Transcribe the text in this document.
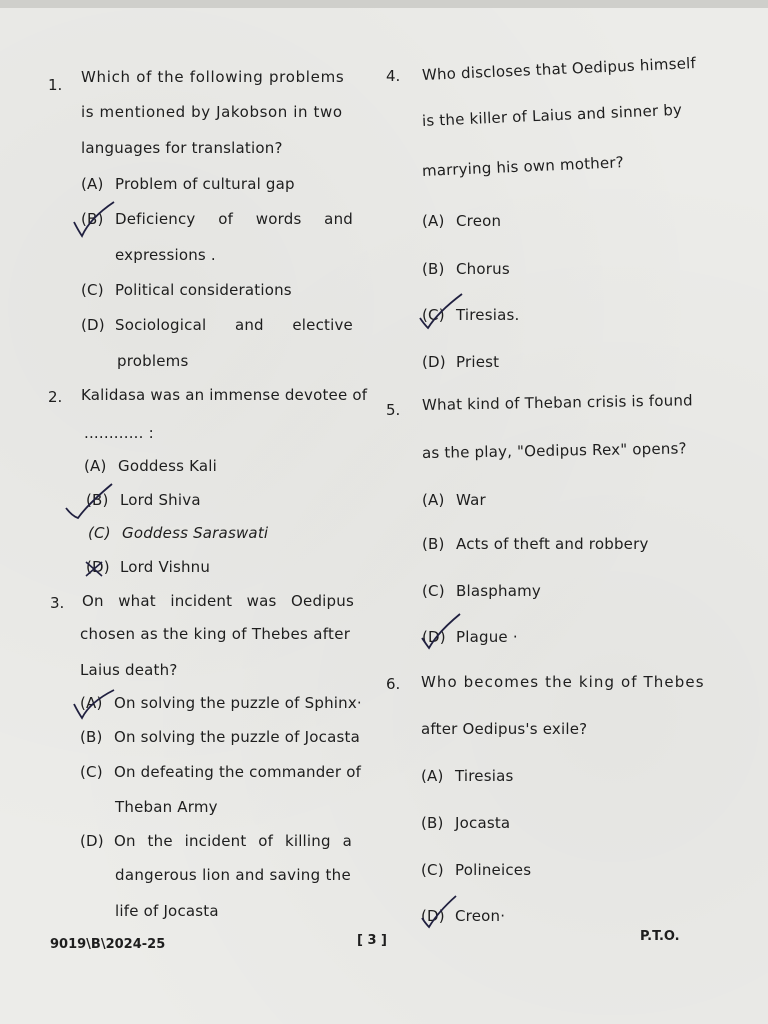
1. Which of the following problems
is mentioned by Jakobson in two
languages for translation?
(A) Problem of cultural gap
(B) Deficiency of words and
expressions .
(C) Political considerations
(D) Sociological and elective
problems
2. Kalidasa was an immense devotee of
............ :
(A) Goddess Kali
(B) Lord Shiva
(C) Goddess Saraswati
(D) Lord Vishnu
3. On what incident was Oedipus
chosen as the king of Thebes after
Laius death?
(A) On solving the puzzle of Sphinx·
(B) On solving the puzzle of Jocasta
(C) On defeating the commander of
Theban Army
(D) On the incident of killing a
dangerous lion and saving the
life of Jocasta
4. Who discloses that Oedipus himself
is the killer of Laius and sinner by
marrying his own mother?
(A) Creon
(B) Chorus
(C) Tiresias.
(D) Priest
5. What kind of Theban crisis is found
as the play, "Oedipus Rex" opens?
(A) War
(B) Acts of theft and robbery
(C) Blasphamy
(D) Plague ·
6. Who becomes the king of Thebes
after Oedipus's exile?
(A) Tiresias
(B) Jocasta
(C) Polineices
(D) Creon·
9019\B\2024-25	[ 3 ]	P.T.O.
